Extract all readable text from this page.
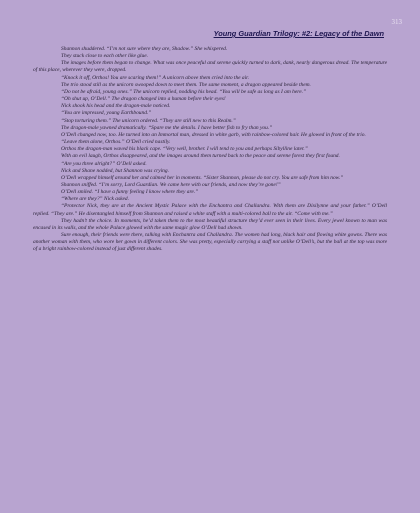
313
Young Guardian Trilogy: #2: Legacy of the Dawn

Shannon shuddered. “I’m not sure where they are, Shadow.” She whispered.

They stuck close to each other like glue.

The images before them began to change. What was once peaceful and serene quickly turned to dark, dank, nearly dangerous dread. The temperature of this place, wherever they were, dropped.

“Knock it off, Orthos! You are scaring them!” A unicorn above them cried into the air.

The trio stood still as the unicorn swooped down to meet them. The same moment, a dragon appeared beside them.

“Do not be afraid, young ones.” The unicorn replied, nodding his head. “You will be safe as long as I am here.”

“Oh shut up, O’Dell.” The dragon changed into a human before their eyes!

Nick shook his head and the dragon-male noticed.

“You are impressed, young Earthbound.”

“Stop torturing them.” The unicorn ordered. “They are still new to this Realm.”

The dragon-male yawned dramatically. “Spare me the details. I have better fish to fry than you.”

O’Dell changed now, too. He turned into an Immortal man, dressed in white garb, with rainbow-colored hair. He glowed in front of the trio.

“Leave them alone, Orthos.” O’Dell cried nastily.

Orthos the dragon-man waved his black cape. “Very well, brother. I will tend to you and perhaps Sibylline later.”

With an evil laugh, Orthos disappeared, and the images around them turned back to the peace and serene forest they first found.

“Are you three alright?” O’Dell asked.

Nick and Shane nodded, but Shannon was crying.

O’Dell wrapped himself around her and calmed her in moments. “Sister Shannon, please do not cry. You are safe from him now.”

Shannon sniffed. “I’m sorry, Lord Guardian. We came here with our friends, and now they’re gone!”

O’Dell smiled. “I have a funny feeling I know where they are.”

“Where are they?” Nick asked.

“Protector Nick, they are at the Ancient Mystic Palace with the Enchantra and Challandra. With them are Dixilynne and your father.” O’Dell replied. “They are.” He disentangled himself from Shannon and raised a white staff with a multi-colored ball to the air. “Come with me.”

They hadn’t the choice. In moments, he’d taken them to the most beautiful structure they’d ever seen in their lives. Every jewel known to man was encased in its walls, and the whole Palace glowed with the same magic glow O’Dell had shown.

Sure enough, their friends were there, talking with Enchantra and Challandra. The women had long, black hair and flowing white gowns. There was another woman with them, who wore her gown in different colors. She was pretty, especially carrying a staff not unlike O’Dell’s, but the ball at the top was more of a bright rainbow-colored instead of just different shades.
